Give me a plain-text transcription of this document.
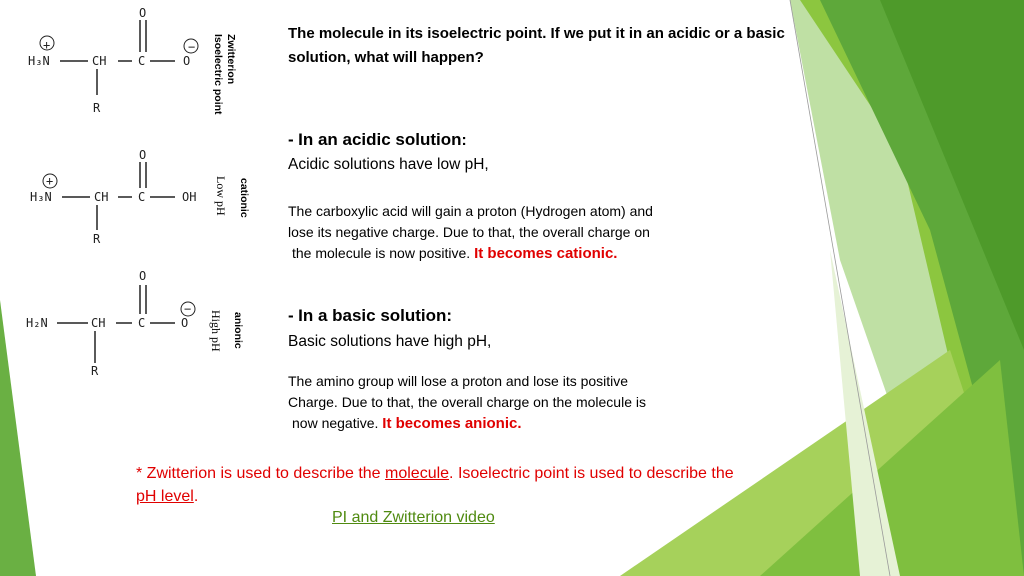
+	−
O
H₃N	CH	C	O
R
Zwitterion
Isoelectric point
+
O
H₃N	CH C	OH
R
cationic
Low pH
−
O
H₂N	CH	C	O
R
anionic
High pH
The molecule in its isoelectric point. If we put it in an acidic or a basic solution, what will happen?
- In an acidic solution:
Acidic solutions have low pH,
The carboxylic acid will gain a proton (Hydrogen atom) and
lose its negative charge. Due to that, the overall charge on
the molecule is now positive. It becomes cationic.
- In a basic solution:
Basic solutions have high pH,
The amino group will lose a proton and lose its positive
Charge. Due to that, the overall charge on the molecule is
now negative. It becomes anionic.
* Zwitterion is used to describe the molecule. Isoelectric point is used to describe the pH level.
PI and Zwitterion video
